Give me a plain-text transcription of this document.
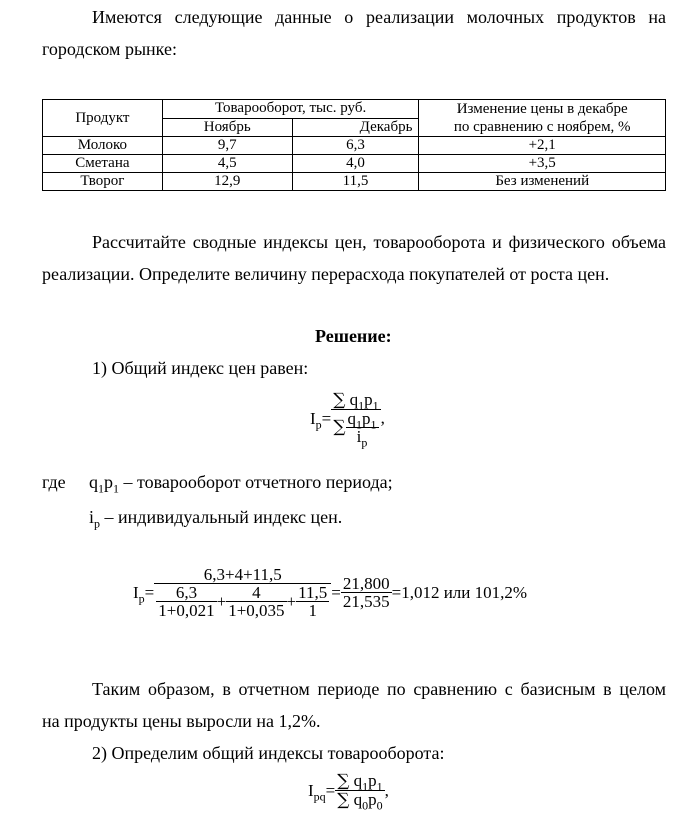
Имеются следующие данные о реализации молочных продуктов на
городском рынке:
Продукт	Товарооборот, тыс. руб.		Изменение цены в декабре
по сравнению с ноябрем, %
	Ноябрь	Декабрь	
Молоко	9,7	6,3	+2,1
Сметана	4,5	4,0	+3,5
Творог	12,9	11,5	Без изменений
Рассчитайте сводные индексы цен, товарооборота и физического объема
реализации. Определите величину перерасхода покупателей от роста цен.
Решение:
1) Общий индекс цен равен:
$I_p= \frac{\sum q_1p_1}{\sum \frac{q_1p_1}{i_p}}$ ,
где $q_1p_1$ – товарооборот отчетного периода;
$i_p$ – индивидуальный индекс цен.
$I_p= \frac{6,3+4+11,5}{\frac{6,3}{1+0,021} + \frac{4}{1+0,035} + \frac{11,5}{1}} = \frac{21,800}{21,535} =1,012$ или 101,2%
Таким образом, в отчетном периоде по сравнению с базисным в целом
на продукты цены выросли на 1,2%.
2) Определим общий индексы товарооборота:
$I_{pq}= \frac{\sum q_1p_1}{\sum q_0p_0}$ ,
